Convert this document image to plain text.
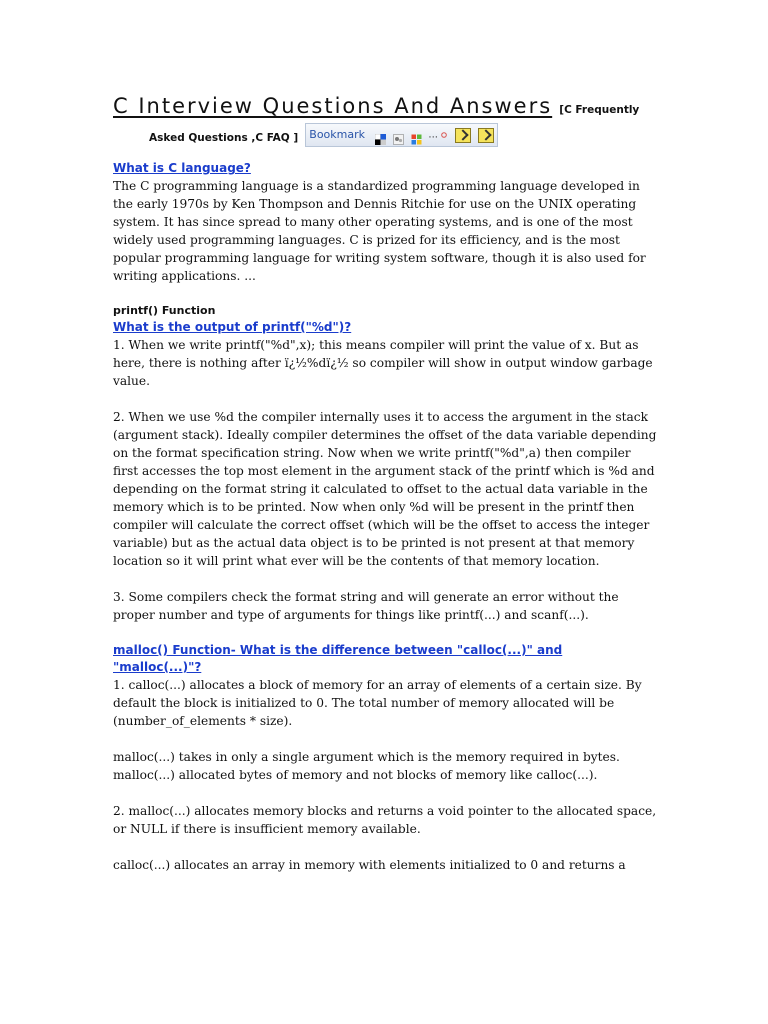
C Interview Questions And Answers [C Frequently
Asked Questions ,C FAQ ] Bookmark	...
What is C language?

The C programming language is a standardized programming language developed in the early 1970s by Ken Thompson and Dennis Ritchie for use on the UNIX operating system. It has since spread to many other operating systems, and is one of the most widely used programming languages. C is prized for its efficiency, and is the most popular programming language for writing system software, though it is also used for writing applications. ...

printf() Function
What is the output of printf("%d")?

1. When we write printf("%d",x); this means compiler will print the value of x. But as here, there is nothing after ï¿½%dï¿½ so compiler will show in output window garbage value.

2. When we use %d the compiler internally uses it to access the argument in the stack (argument stack). Ideally compiler determines the offset of the data variable depending on the format specification string. Now when we write printf("%d",a) then compiler first accesses the top most element in the argument stack of the printf which is %d and depending on the format string it calculated to offset to the actual data variable in the memory which is to be printed. Now when only %d will be present in the printf then compiler will calculate the correct offset (which will be the offset to access the integer variable) but as the actual data object is to be printed is not present at that memory location so it will print what ever will be the contents of that memory location.

3. Some compilers check the format string and will generate an error without the proper number and type of arguments for things like printf(...) and scanf(...).

malloc() Function- What is the difference between "calloc(...)" and
"malloc(...)"?

1. calloc(...) allocates a block of memory for an array of elements of a certain size. By default the block is initialized to 0. The total number of memory allocated will be (number_of_elements * size).

malloc(...) takes in only a single argument which is the memory required in bytes. malloc(...) allocated bytes of memory and not blocks of memory like calloc(...).

2. malloc(...) allocates memory blocks and returns a void pointer to the allocated space, or NULL if there is insufficient memory available.

calloc(...) allocates an array in memory with elements initialized to 0 and returns a
